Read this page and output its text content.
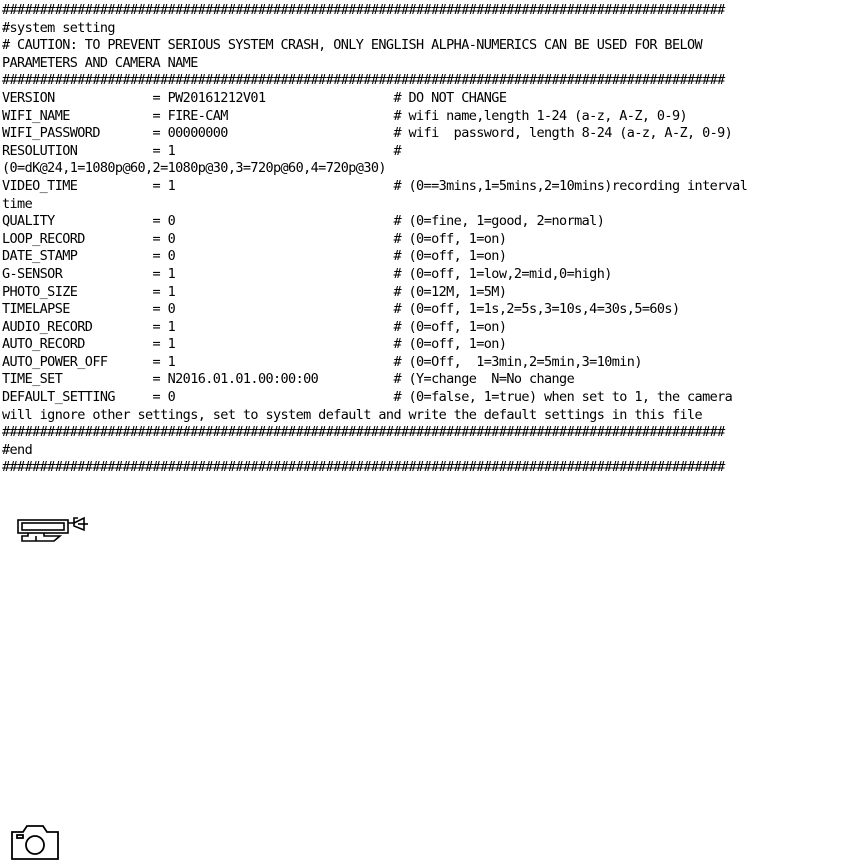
################################################################################################
#system setting
# CAUTION: TO PREVENT SERIOUS SYSTEM CRASH, ONLY ENGLISH ALPHA-NUMERICS CAN BE USED FOR BELOW
PARAMETERS AND CAMERA NAME
################################################################################################
VERSION             = PW20161212V01                 # DO NOT CHANGE
WIFI_NAME           = FIRE-CAM                      # wifi name,length 1-24 (a-z, A-Z, 0-9)
WIFI_PASSWORD       = 00000000                      # wifi  password, length 8-24 (a-z, A-Z, 0-9)
RESOLUTION          = 1                             #
(0=dK@24,1=1080p@60,2=1080p@30,3=720p@60,4=720p@30)
VIDEO_TIME          = 1                             # (0==3mins,1=5mins,2=10mins)recording interval
time
QUALITY             = 0                             # (0=fine, 1=good, 2=normal)
LOOP_RECORD         = 0                             # (0=off, 1=on)
DATE_STAMP          = 0                             # (0=off, 1=on)
G-SENSOR            = 1                             # (0=off, 1=low,2=mid,0=high)
PHOTO_SIZE          = 1                             # (0=12M, 1=5M)
TIMELAPSE           = 0                             # (0=off, 1=1s,2=5s,3=10s,4=30s,5=60s)
AUDIO_RECORD        = 1                             # (0=off, 1=on)
AUTO_RECORD         = 1                             # (0=off, 1=on)
AUTO_POWER_OFF      = 1                             # (0=Off,  1=3min,2=5min,3=10min)
TIME_SET            = N2016.01.01.00:00:00          # (Y=change  N=No change
DEFAULT_SETTING     = 0                             # (0=false, 1=true) when set to 1, the camera
will ignore other settings, set to system default and write the default settings in this file
################################################################################################
#end
################################################################################################
